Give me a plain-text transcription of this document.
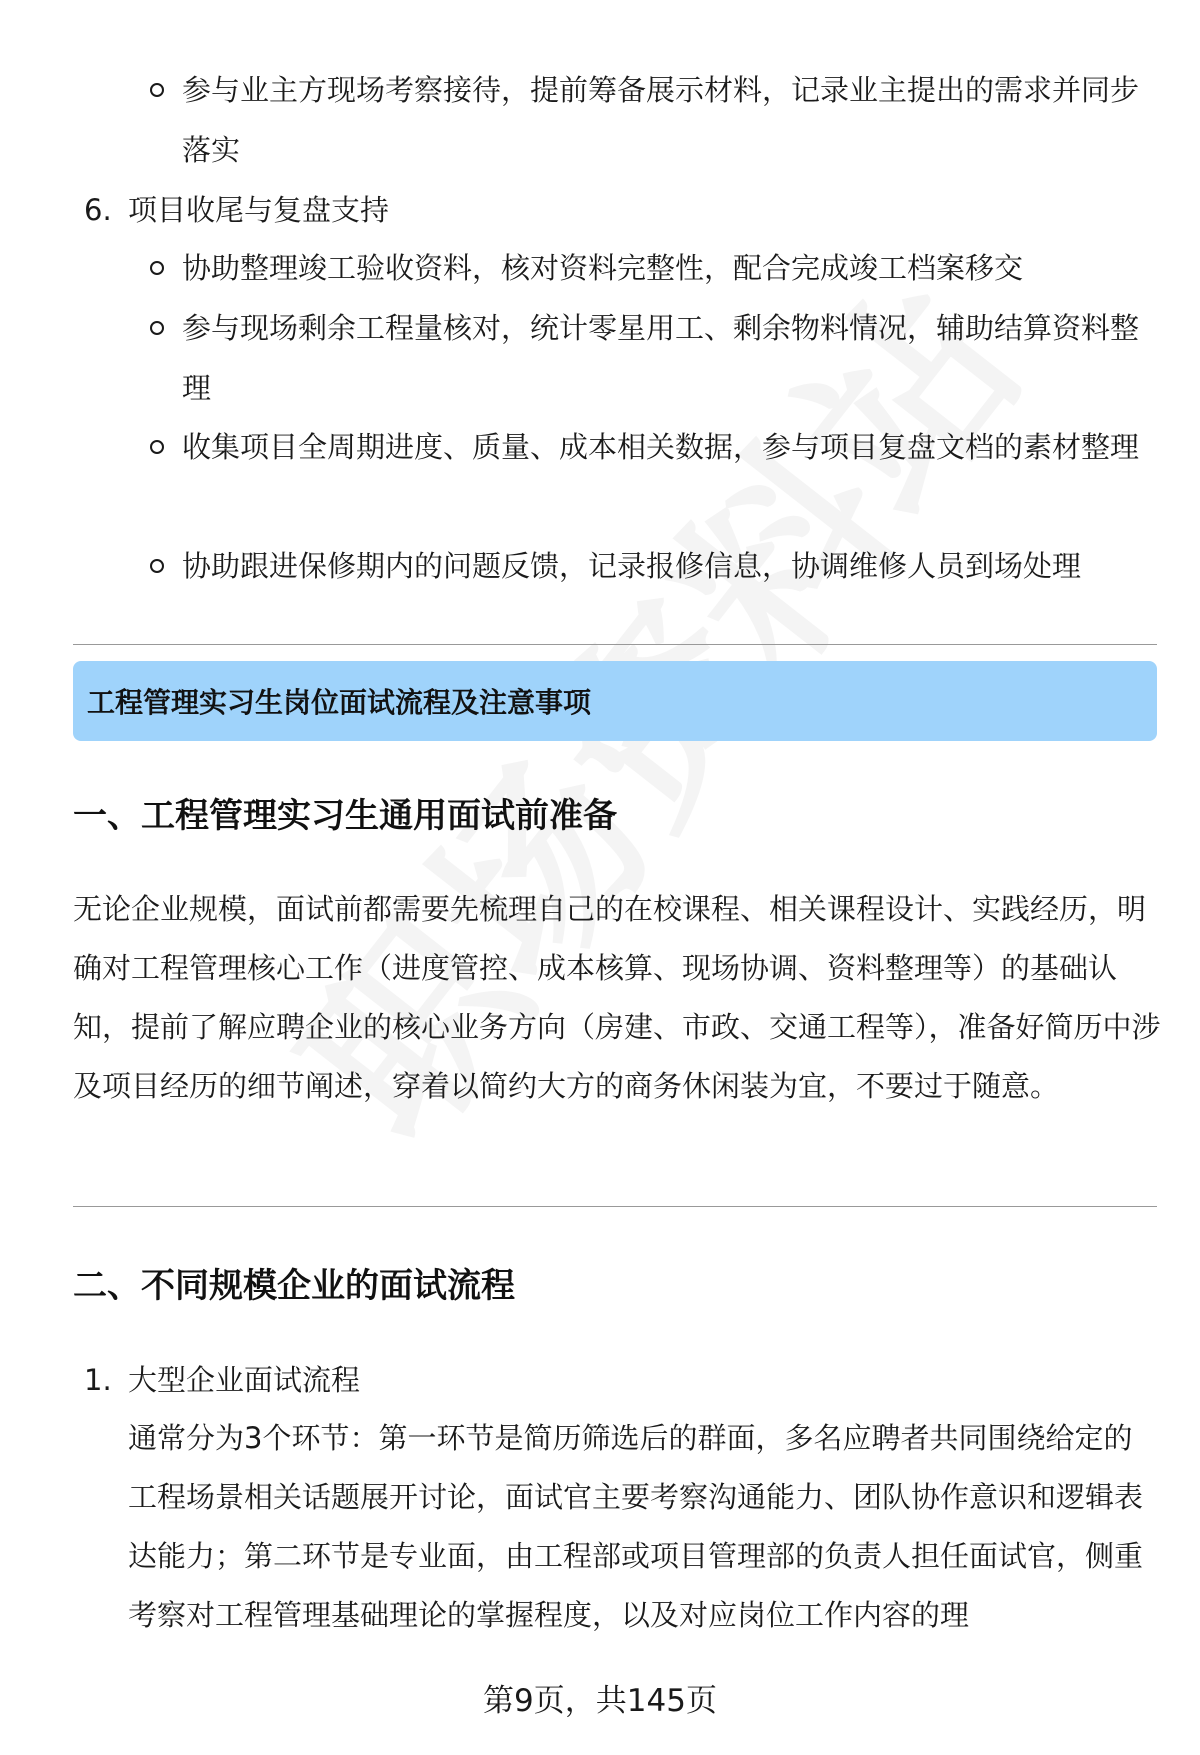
参与业主方现场考察接待，提前筹备展示材料，记录业主提出的需求并同步落实
6. 项目收尾与复盘支持
协助整理竣工验收资料，核对资料完整性，配合完成竣工档案移交
参与现场剩余工程量核对，统计零星用工、剩余物料情况，辅助结算资料整理
收集项目全周期进度、质量、成本相关数据，参与项目复盘文档的素材整理
协助跟进保修期内的问题反馈，记录报修信息，协调维修人员到场处理
工程管理实习生岗位面试流程及注意事项
一、工程管理实习生通用面试前准备
无论企业规模，面试前都需要先梳理自己的在校课程、相关课程设计、实践经历，明确对工程管理核心工作（进度管控、成本核算、现场协调、资料整理等）的基础认知，提前了解应聘企业的核心业务方向（房建、市政、交通工程等），准备好简历中涉及项目经历的细节阐述，穿着以简约大方的商务休闲装为宜，不要过于随意。
二、不同规模企业的面试流程
1. 大型企业面试流程
通常分为3个环节：第一环节是简历筛选后的群面，多名应聘者共同围绕给定的工程场景相关话题展开讨论，面试官主要考察沟通能力、团队协作意识和逻辑表达能力；第二环节是专业面，由工程部或项目管理部的负责人担任面试官，侧重考察对工程管理基础理论的掌握程度，以及对应岗位工作内容的理
第9页，共145页
